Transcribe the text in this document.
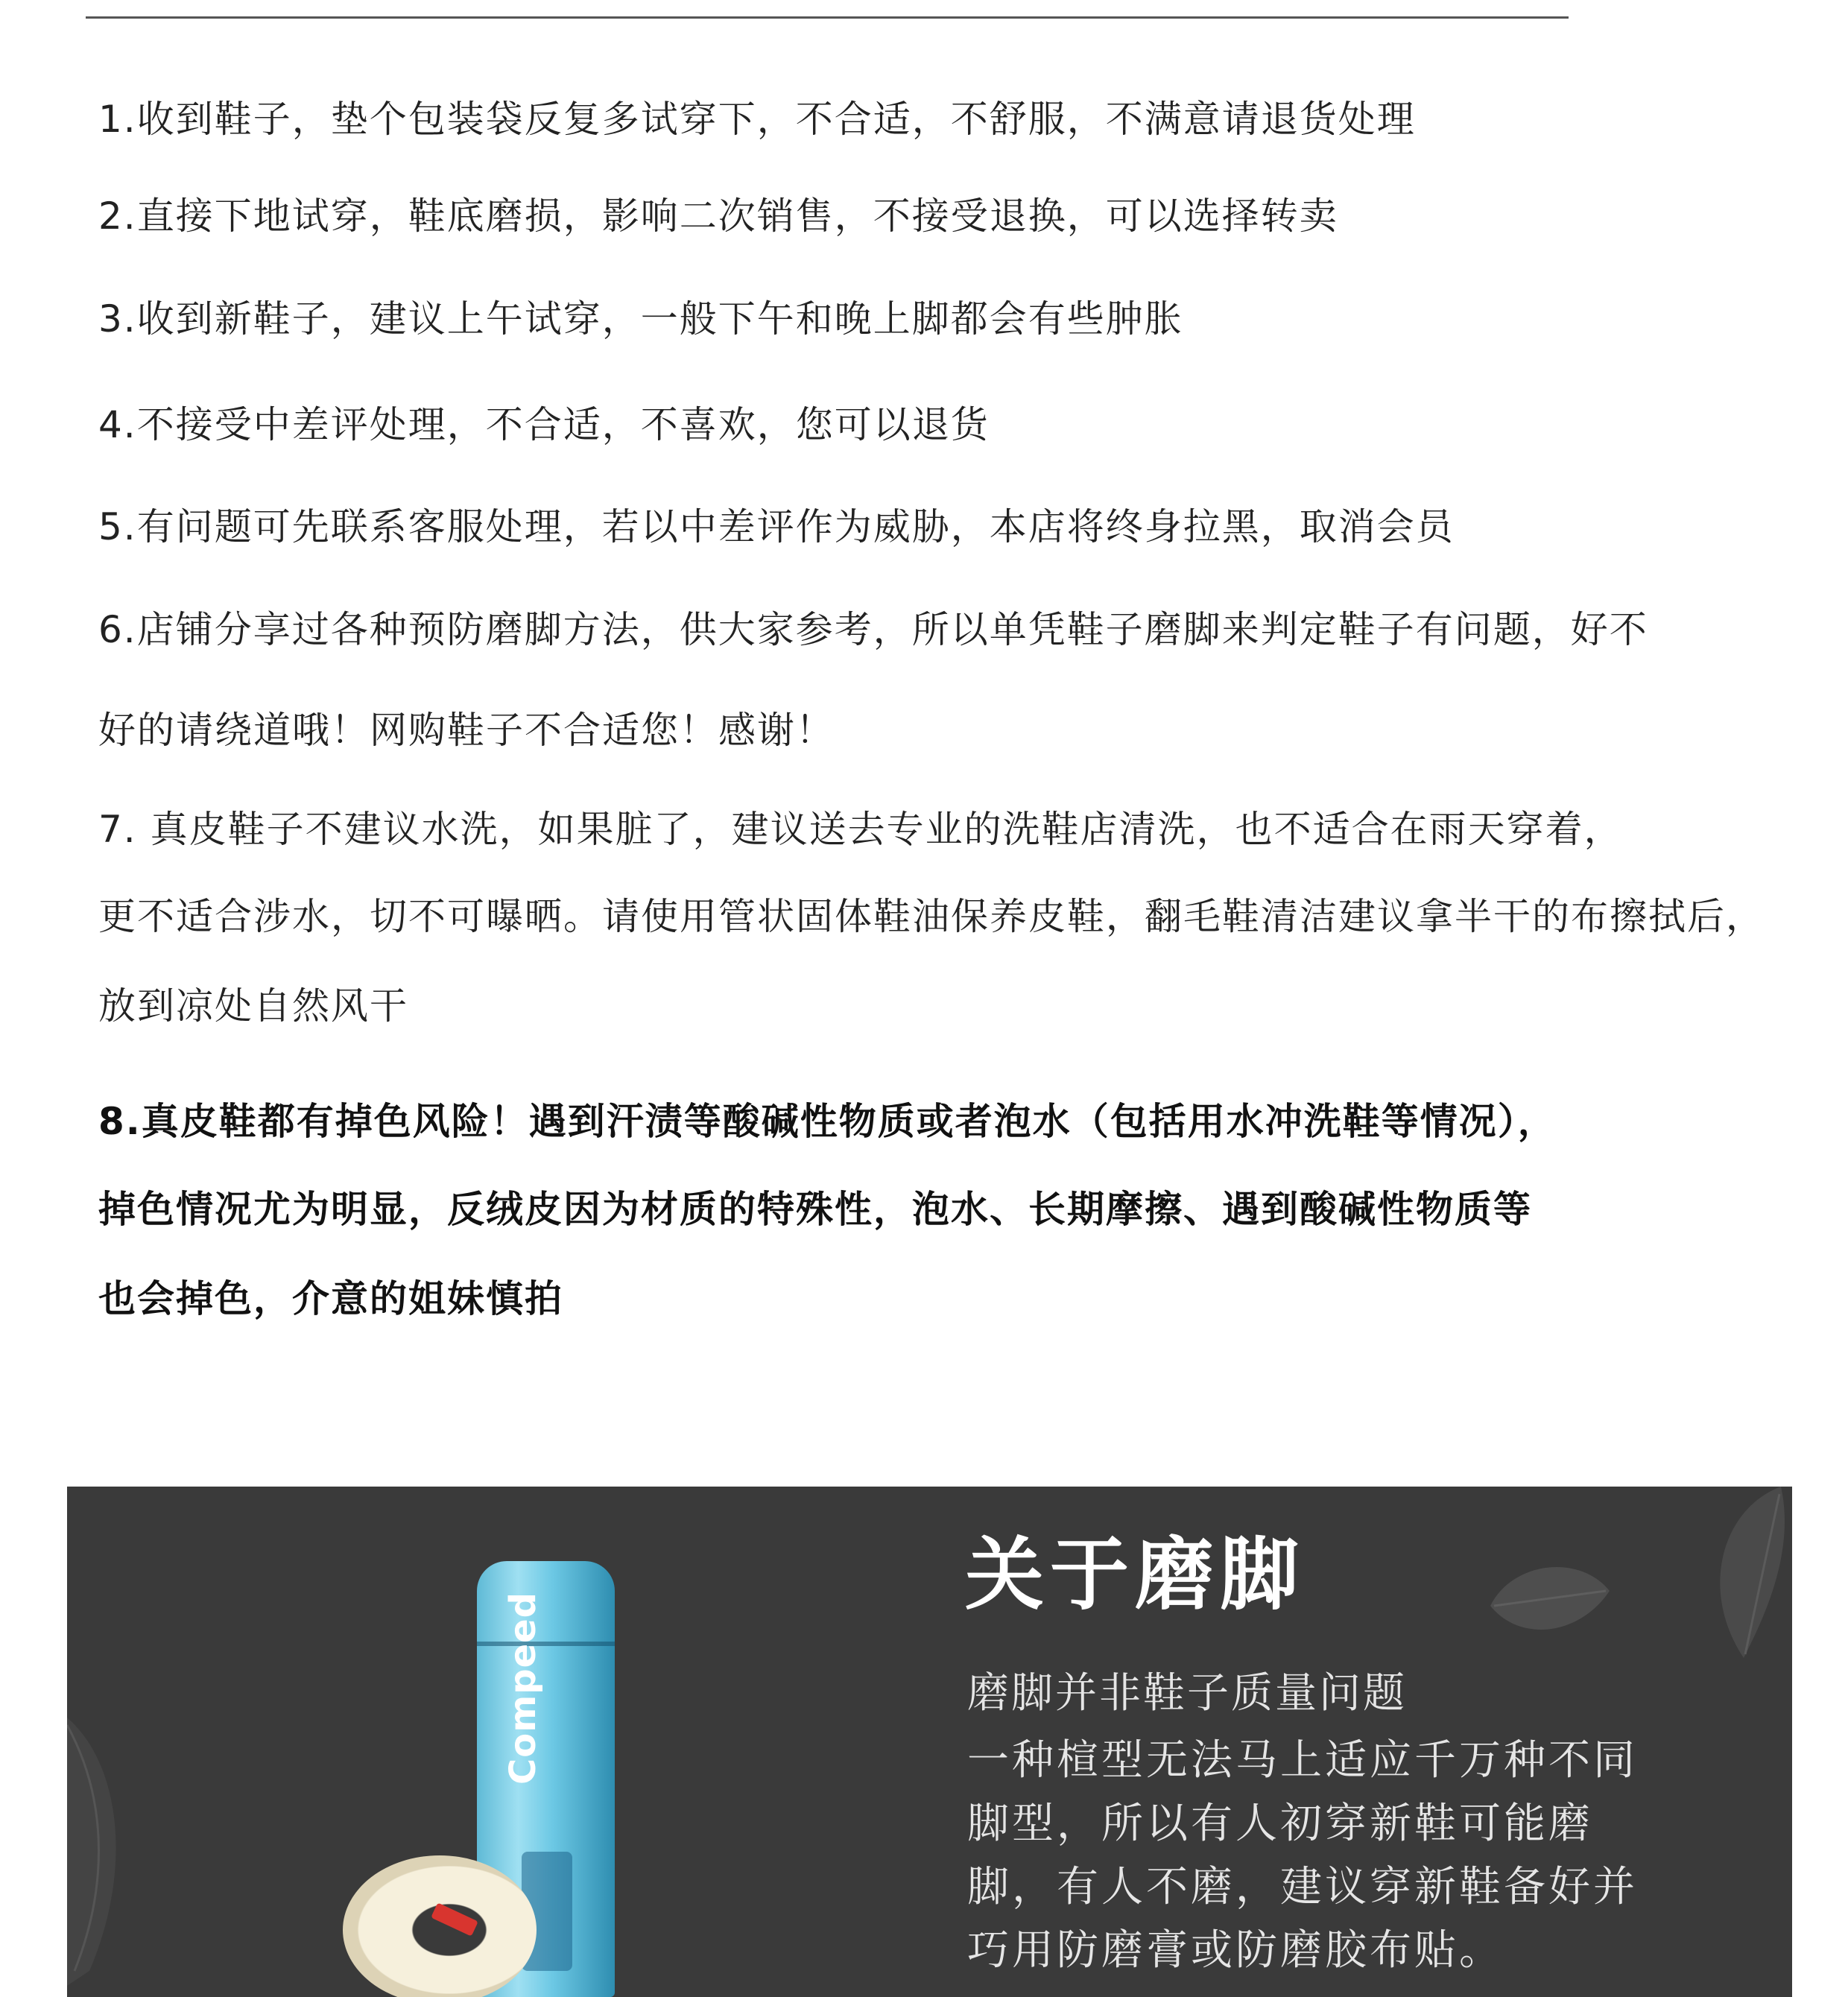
1.收到鞋子，垫个包装袋反复多试穿下，不合适，不舒服，不满意请退货处理
2.直接下地试穿，鞋底磨损，影响二次销售，不接受退换，可以选择转卖
3.收到新鞋子，建议上午试穿，一般下午和晚上脚都会有些肿胀
4.不接受中差评处理，不合适，不喜欢，您可以退货
5.有问题可先联系客服处理，若以中差评作为威胁，本店将终身拉黑，取消会员
6.店铺分享过各种预防磨脚方法，供大家参考，所以单凭鞋子磨脚来判定鞋子有问题，好不
好的请绕道哦！网购鞋子不合适您！感谢！
7. 真皮鞋子不建议水洗，如果脏了，建议送去专业的洗鞋店清洗，也不适合在雨天穿着，
更不适合涉水，切不可曝晒。请使用管状固体鞋油保养皮鞋，翻毛鞋清洁建议拿半干的布擦拭后，
放到凉处自然风干
8.真皮鞋都有掉色风险！遇到汗渍等酸碱性物质或者泡水（包括用水冲洗鞋等情况），
掉色情况尤为明显，反绒皮因为材质的特殊性，泡水、长期摩擦、遇到酸碱性物质等
也会掉色，介意的姐妹慎拍
Compeed
关于磨脚
磨脚并非鞋子质量问题
一种楦型无法马上适应千万种不同
脚型，所以有人初穿新鞋可能磨
脚，有人不磨，建议穿新鞋备好并
巧用防磨膏或防磨胶布贴。
